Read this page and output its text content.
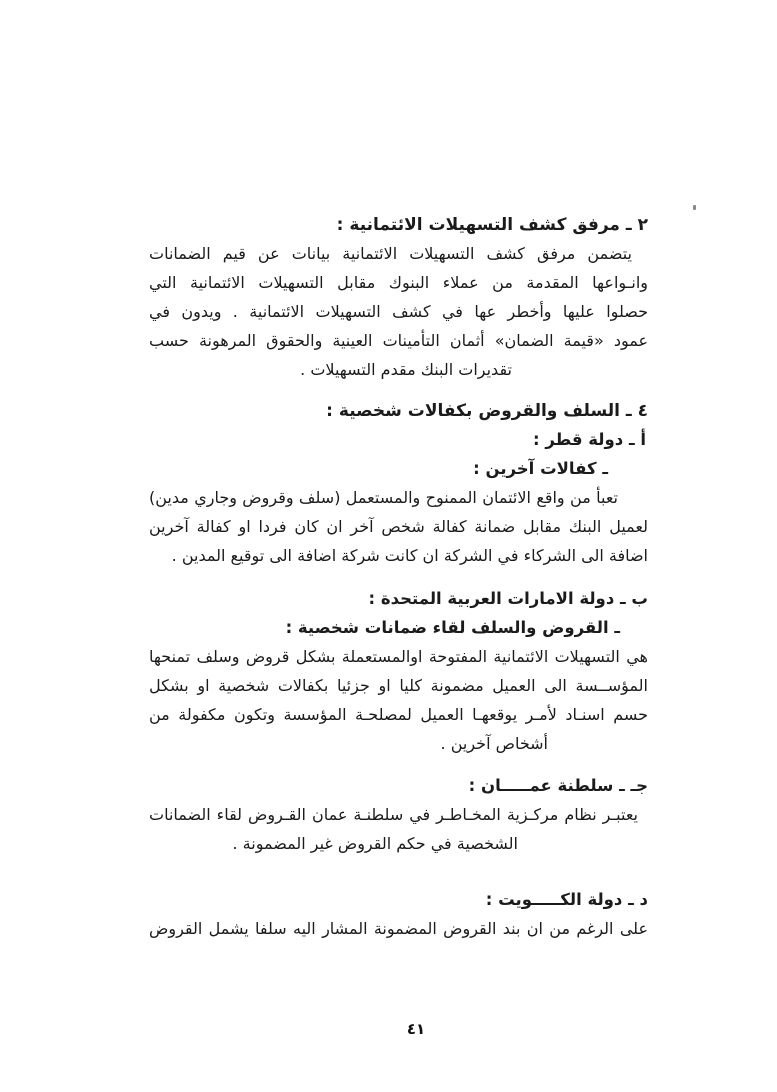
٢ ـ مرفق كشف التسهيلات الائتمانية :
يتضمن مرفق كشف التسهيلات الائتمانية بيانات عن قيم الضمانات
وانـواعها المقدمة من عملاء البنوك مقابل التسهيلات الائتمانية التي
حصلوا عليها وأخطر عها في كشف التسهيلات الائتمانية . ويدون في
عمود «قيمة الضمان» أثمان التأمينات العينية والحقوق المرهونة حسب
تقديرات البنك مقدم التسهيلات .
٤ ـ السلف والقروض بكفالات شخصية :
أ ـ دولة قطر :
ـ كفالات آخرين :
تعبأ من واقع الائتمان الممنوح والمستعمل (سلف وقروض وجاري مدين)
لعميل البنك مقابل ضمانة كفالة شخص آخر ان كان فردا او كفالة آخرين
اضافة الى الشركاء في الشركة ان كانت شركة اضافة الى توقيع المدين .
ب ـ دولة الامارات العربية المتحدة :
ـ القروض والسلف لقاء ضمانات شخصية :
هي التسهيلات الائتمانية المفتوحة اوالمستعملة بشكل قروض وسلف تمنحها
المؤســسة الى العميل مضمونة كليا او جزئيا بكفالات شخصية او بشكل
حسم اسنـاد لأمـر يوقعهـا العميل لمصلحـة المؤسسة وتكون مكفولة من
أشخاص آخرين .
جـ ـ سلطنة عمـــــان :
يعتبـر نظام مركـزية المخـاطـر في سلطنـة عمان القـروض لقاء الضمانات
الشخصية في حكم القروض غير المضمونة .
د ـ دولة الكـــــويت :
على الرغم من ان بند القروض المضمونة المشار اليه سلفا يشمل القروض
٤١
